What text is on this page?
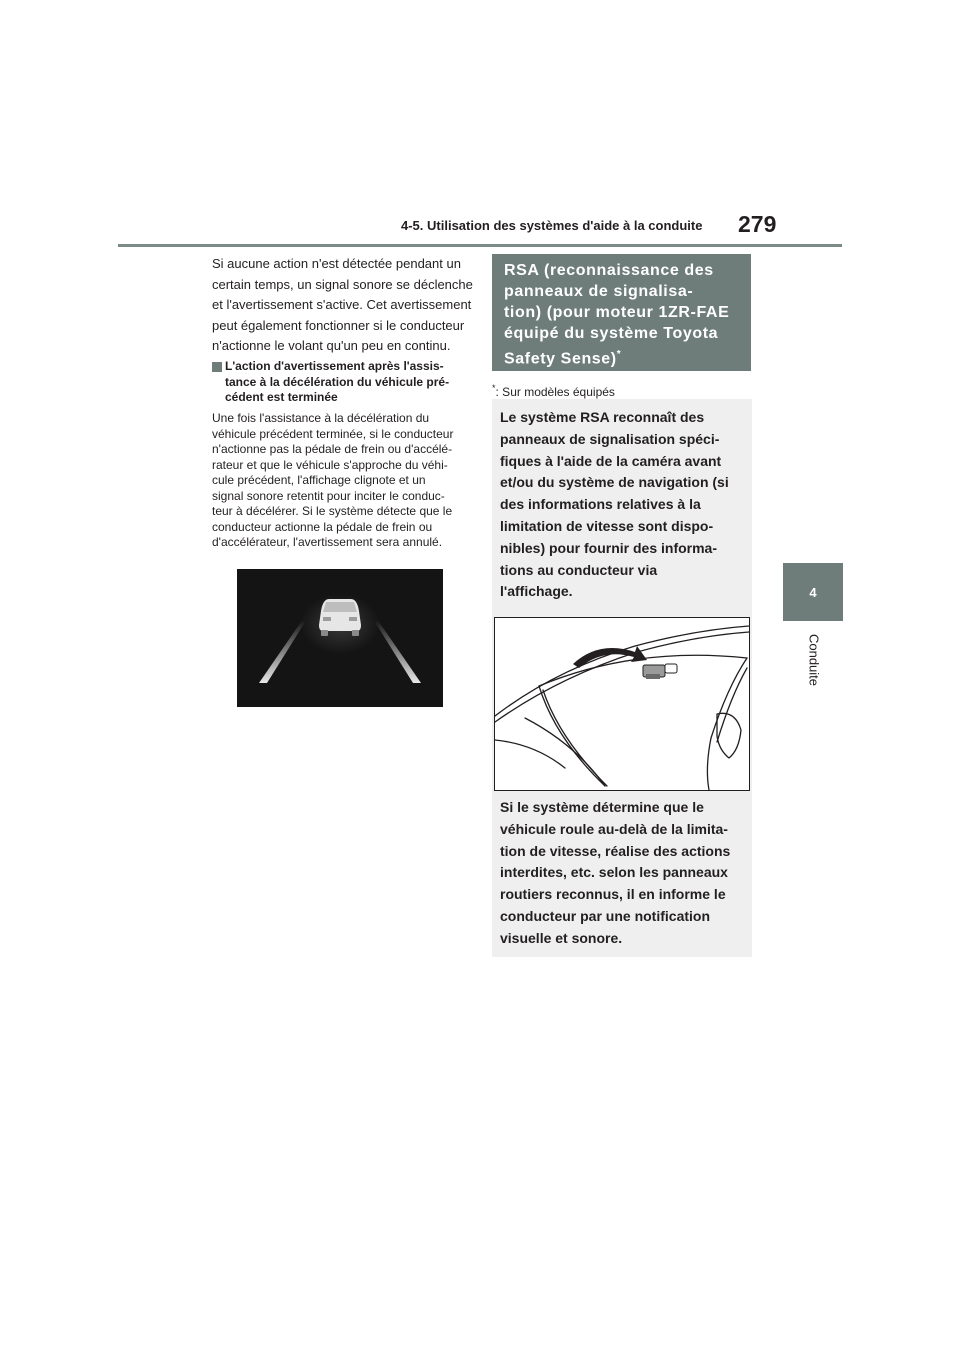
4-5. Utilisation des systèmes d'aide à la conduite 279
4
Conduite

Si aucune action n'est détectée pendant un
certain temps, un signal sonore se déclenche
et l'avertissement s'active. Cet avertissement
peut également fonctionner si le conducteur
n'actionne le volant qu'un peu en continu.

L'action d'avertissement après l'assis-
tance à la décélération du véhicule pré-
cédent est terminée

Une fois l'assistance à la décélération du
véhicule précédent terminée, si le conducteur
n'actionne pas la pédale de frein ou d'accélé-
rateur et que le véhicule s'approche du véhi-
cule précédent, l'affichage clignote et un
signal sonore retentit pour inciter le conduc-
teur à décélérer. Si le système détecte que le
conducteur actionne la pédale de frein ou
d'accélérateur, l'avertissement sera annulé.

RSA (reconnaissance des
panneaux de signalisa-
tion) (pour moteur 1ZR-FAE
équipé du système Toyota
Safety Sense)*
*: Sur modèles équipés

Le système RSA reconnaît des
panneaux de signalisation spéci-
fiques à l'aide de la caméra avant
et/ou du système de navigation (si
des informations relatives à la
limitation de vitesse sont dispo-
nibles) pour fournir des informa-
tions au conducteur via
l'affichage.

Si le système détermine que le
véhicule roule au-delà de la limita-
tion de vitesse, réalise des actions
interdites, etc. selon les panneaux
routiers reconnus, il en informe le
conducteur par une notification
visuelle et sonore.
